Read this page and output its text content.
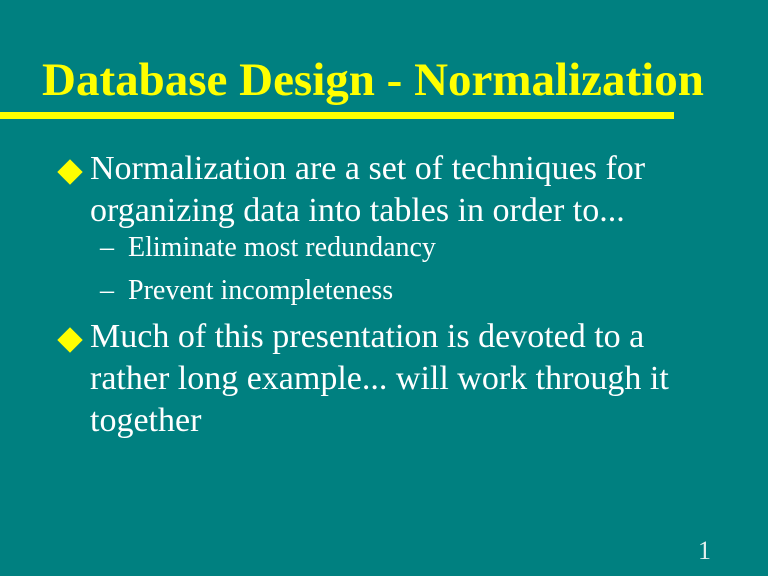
Database Design - Normalization
Normalization are a set of techniques for
organizing data into tables in order to...
– Eliminate most redundancy
– Prevent incompleteness
Much of this presentation is devoted to a
rather long example... will work through it
together
1
